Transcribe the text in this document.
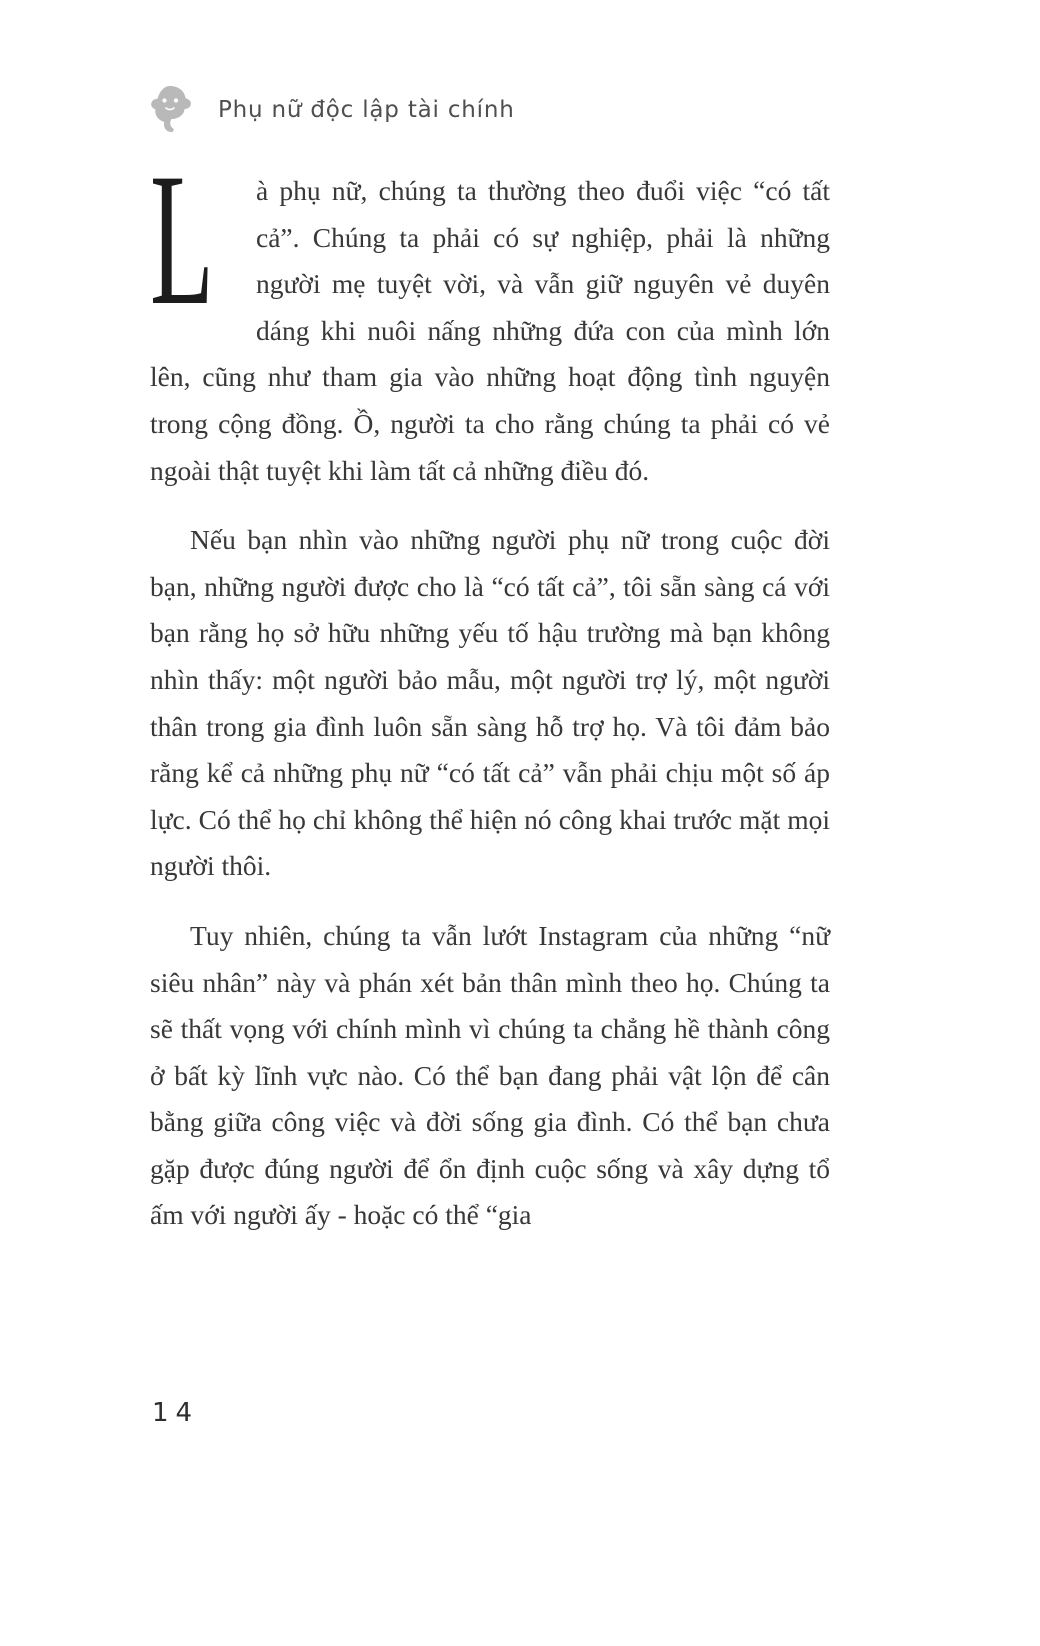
Phụ nữ độc lập tài chính

L à phụ nữ, chúng ta thường theo đuổi việc “có tất cả”. Chúng ta phải có sự nghiệp, phải là những người mẹ tuyệt vời, và vẫn giữ nguyên vẻ duyên dáng khi nuôi nấng những đứa con của mình lớn lên, cũng như tham gia vào những hoạt động tình nguyện trong cộng đồng. Ồ, người ta cho rằng chúng ta phải có vẻ ngoài thật tuyệt khi làm tất cả những điều đó.

Nếu bạn nhìn vào những người phụ nữ trong cuộc đời bạn, những người được cho là “có tất cả”, tôi sẵn sàng cá với bạn rằng họ sở hữu những yếu tố hậu trường mà bạn không nhìn thấy: một người bảo mẫu, một người trợ lý, một người thân trong gia đình luôn sẵn sàng hỗ trợ họ. Và tôi đảm bảo rằng kể cả những phụ nữ “có tất cả” vẫn phải chịu một số áp lực. Có thể họ chỉ không thể hiện nó công khai trước mặt mọi người thôi.

Tuy nhiên, chúng ta vẫn lướt Instagram của những “nữ siêu nhân” này và phán xét bản thân mình theo họ. Chúng ta sẽ thất vọng với chính mình vì chúng ta chẳng hề thành công ở bất kỳ lĩnh vực nào. Có thể bạn đang phải vật lộn để cân bằng giữa công việc và đời sống gia đình. Có thể bạn chưa gặp được đúng người để ổn định cuộc sống và xây dựng tổ ấm với người ấy - hoặc có thể “gia

14
